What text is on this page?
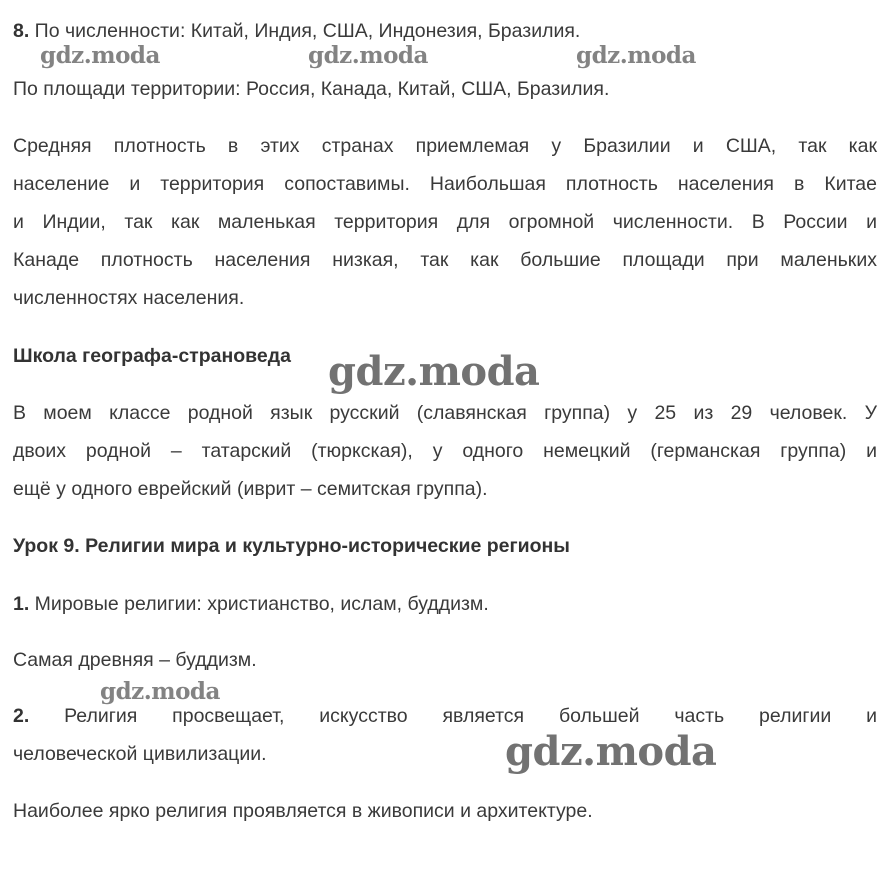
8. По численности: Китай, Индия, США, Индонезия, Бразилия.

По площади территории: Россия, Канада, Китай, США, Бразилия.

Средняя плотность в этих странах приемлемая у Бразилии и США, так как
население и территория сопоставимы. Наибольшая плотность населения в Китае
и Индии, так как маленькая территория для огромной численности. В России и
Канаде плотность населения низкая, так как большие площади при маленьких
численностях населения.

Школа географа-страноведа

В моем классе родной язык русский (славянская группа) у 25 из 29 человек. У
двоих родной – татарский (тюркская), у одного немецкий (германская группа) и
ещё у одного еврейский (иврит – семитская группа).

Урок 9. Религии мира и культурно-исторические регионы

1. Мировые религии: христианство, ислам, буддизм.

Самая древняя – буддизм.

2. Религия просвещает, искусство является большей часть религии и
человеческой цивилизации.

Наиболее ярко религия проявляется в живописи и архитектуре.

gdz.moda	gdz.moda	gdz.moda
gdz.moda
gdz.moda
gdz.moda
